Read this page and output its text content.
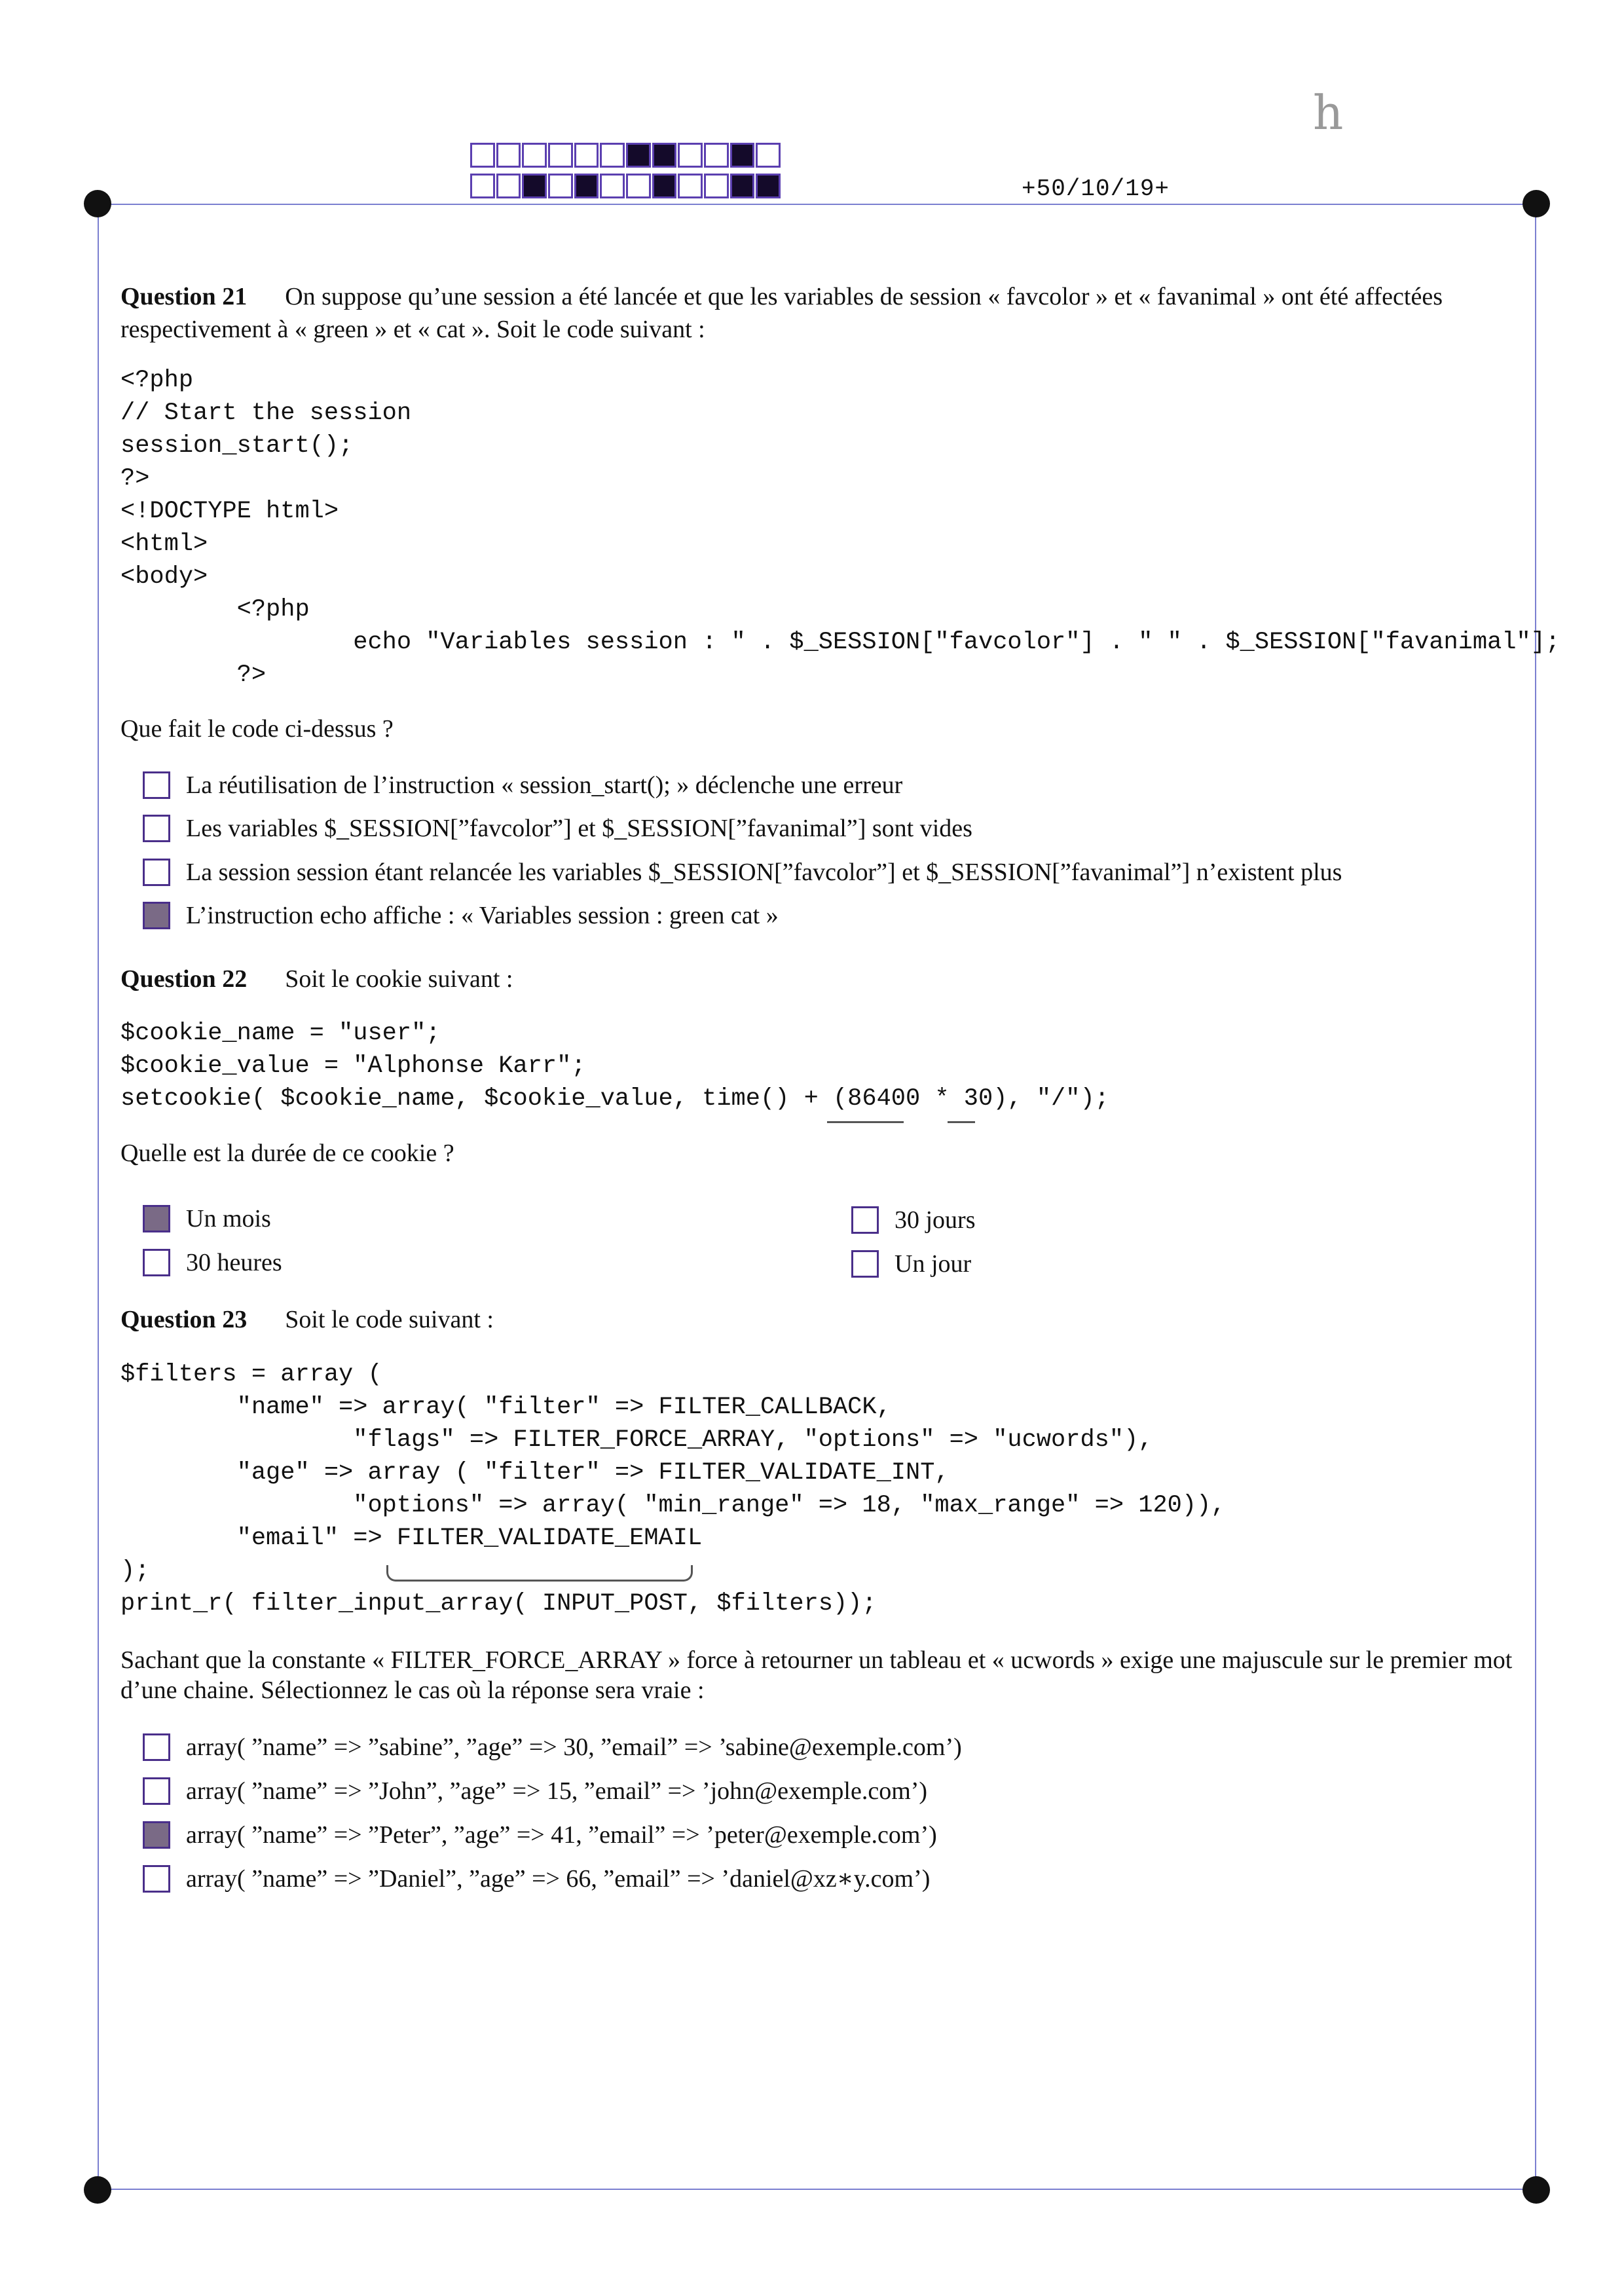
+50/10/19+
h
Question 21 On suppose qu’une session a été lancée et que les variables de session « favcolor » et « favanimal » ont été affectées respectivement à « green » et « cat ». Soit le code suivant :
<?php
// Start the session
session_start();
?>
<!DOCTYPE html>
<html>
<body>
<?php
echo "Variables session : " . $_SESSION["favcolor"] . " " . $_SESSION["favanimal"];
?>
Que fait le code ci-dessus ?
La réutilisation de l’instruction « session_start(); » déclenche une erreur
Les variables $_SESSION[”favcolor”] et $_SESSION[”favanimal”] sont vides
La session session étant relancée les variables $_SESSION[”favcolor”] et $_SESSION[”favanimal”] n’existent plus
L’instruction echo affiche : « Variables session : green cat »
Question 22 Soit le cookie suivant :
$cookie_name = "user";
$cookie_value = "Alphonse Karr";
setcookie( $cookie_name, $cookie_value, time() + (86400 * 30), "/");
Quelle est la durée de ce cookie ?
Un mois	30 jours
30 heures	Un jour
Question 23 Soit le code suivant :
$filters = array (
"name" => array( "filter" => FILTER_CALLBACK,
"flags" => FILTER_FORCE_ARRAY, "options" => "ucwords"),
"age" => array ( "filter" => FILTER_VALIDATE_INT,
"options" => array( "min_range" => 18, "max_range" => 120)),
"email" => FILTER_VALIDATE_EMAIL
);
print_r( filter_input_array( INPUT_POST, $filters));
Sachant que la constante « FILTER_FORCE_ARRAY » force à retourner un tableau et « ucwords » exige une majuscule sur le premier mot d’une chaine. Sélectionnez le cas où la réponse sera vraie :
array( ”name” => ”sabine”, ”age” => 30, ”email” => ’sabine@exemple.com’)
array( ”name” => ”John”, ”age” => 15, ”email” => ’john@exemple.com’)
array( ”name” => ”Peter”, ”age” => 41, ”email” => ’peter@exemple.com’)
array( ”name” => ”Daniel”, ”age” => 66, ”email” => ’daniel@xz∗y.com’)
